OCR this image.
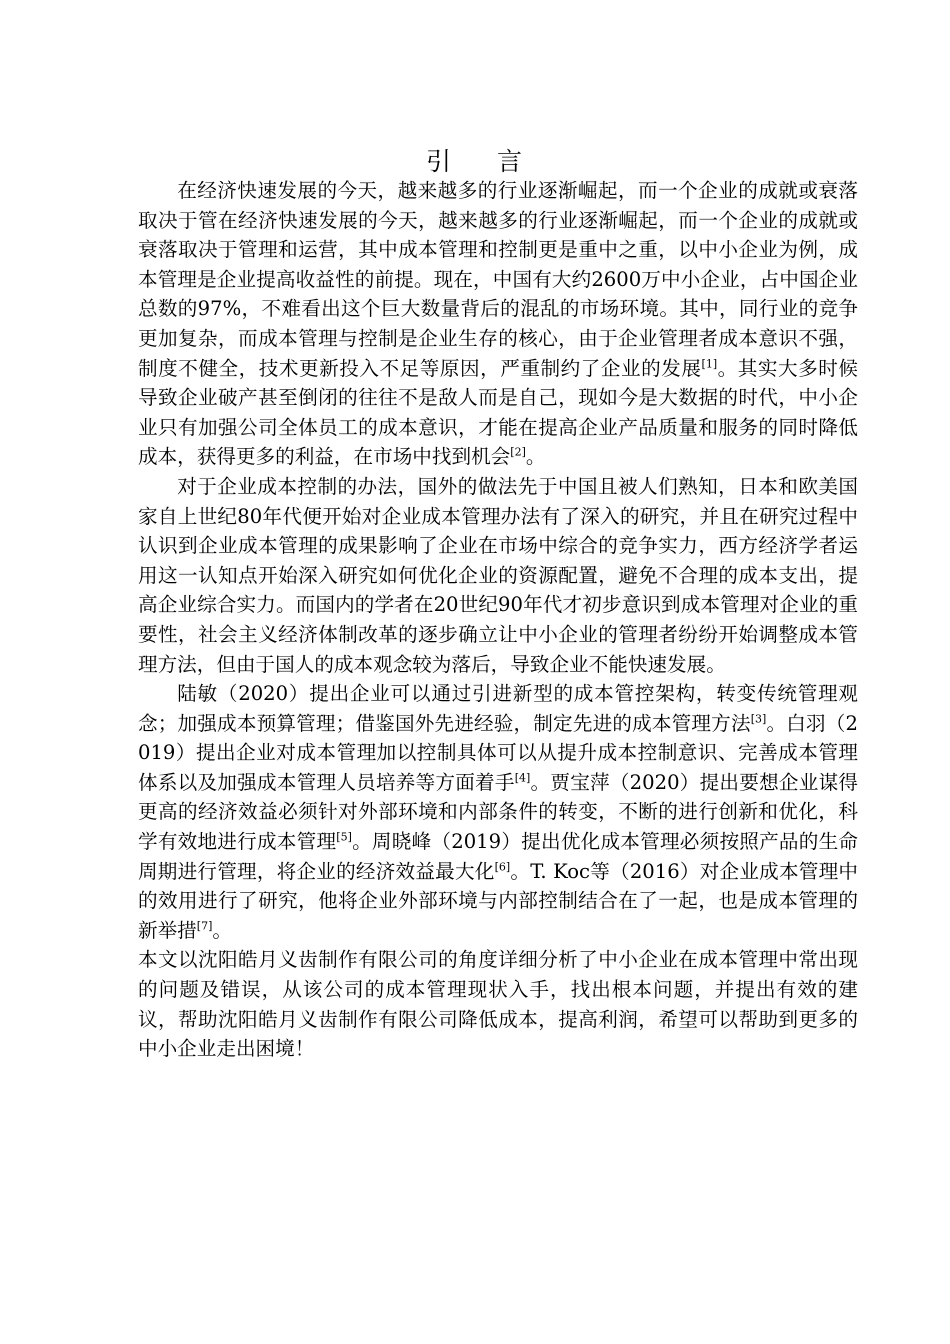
引 言

在经济快速发展的今天，越来越多的行业逐渐崛起，而一个企业的成就或衰落取决于管在经济快速发展的今天，越来越多的行业逐渐崛起，而一个企业的成就或衰落取决于管理和运营，其中成本管理和控制更是重中之重，以中小企业为例，成本管理是企业提高收益性的前提。现在，中国有大约2600万中小企业，占中国企业总数的97%，不难看出这个巨大数量背后的混乱的市场环境。其中，同行业的竞争更加复杂，而成本管理与控制是企业生存的核心，由于企业管理者成本意识不强，制度不健全，技术更新投入不足等原因，严重制约了企业的发展[1]。其实大多时候导致企业破产甚至倒闭的往往不是敌人而是自己，现如今是大数据的时代，中小企业只有加强公司全体员工的成本意识，才能在提高企业产品质量和服务的同时降低成本，获得更多的利益，在市场中找到机会[2]。

对于企业成本控制的办法，国外的做法先于中国且被人们熟知，日本和欧美国家自上世纪80年代便开始对企业成本管理办法有了深入的研究，并且在研究过程中认识到企业成本管理的成果影响了企业在市场中综合的竞争实力，西方经济学者运用这一认知点开始深入研究如何优化企业的资源配置，避免不合理的成本支出，提高企业综合实力。而国内的学者在20世纪90年代才初步意识到成本管理对企业的重要性，社会主义经济体制改革的逐步确立让中小企业的管理者纷纷开始调整成本管理方法，但由于国人的成本观念较为落后，导致企业不能快速发展。

陆敏（2020）提出企业可以通过引进新型的成本管控架构，转变传统管理观念；加强成本预算管理；借鉴国外先进经验，制定先进的成本管理方法[3]。白羽（2019）提出企业对成本管理加以控制具体可以从提升成本控制意识、完善成本管理体系以及加强成本管理人员培养等方面着手[4]。贾宝萍（2020）提出要想企业谋得更高的经济效益必须针对外部环境和内部条件的转变，不断的进行创新和优化，科学有效地进行成本管理[5]。周晓峰（2019）提出优化成本管理必须按照产品的生命周期进行管理，将企业的经济效益最大化[6]。T. Koc等（2016）对企业成本管理中的效用进行了研究，他将企业外部环境与内部控制结合在了一起，也是成本管理的新举措[7]。

本文以沈阳皓月义齿制作有限公司的角度详细分析了中小企业在成本管理中常出现的问题及错误，从该公司的成本管理现状入手，找出根本问题，并提出有效的建议，帮助沈阳皓月义齿制作有限公司降低成本，提高利润，希望可以帮助到更多的中小企业走出困境！
